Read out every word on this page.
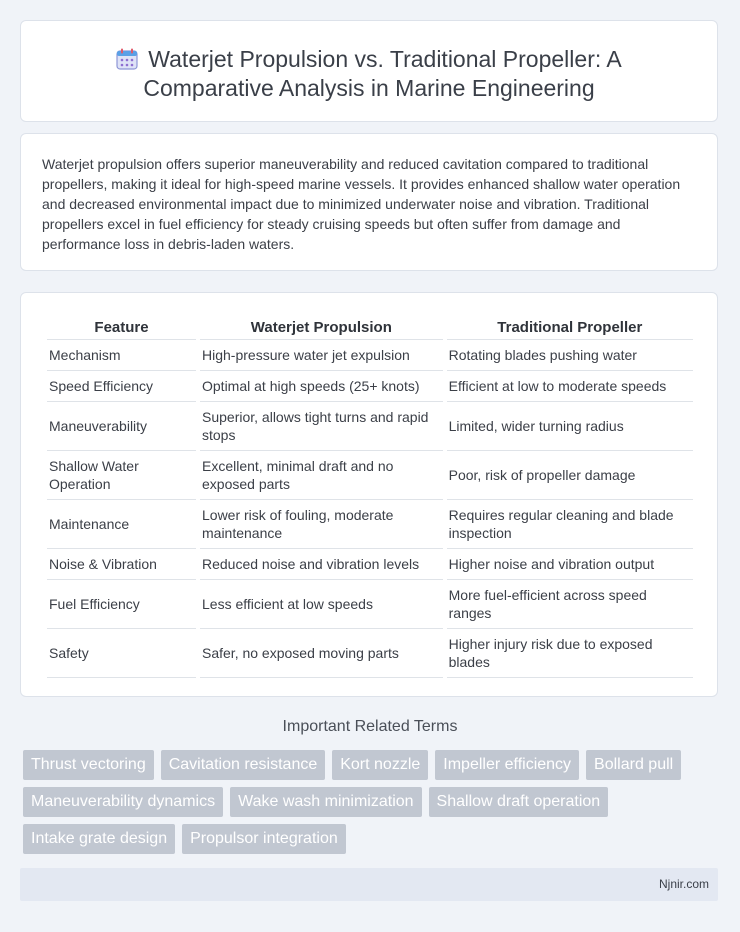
Waterjet Propulsion vs. Traditional Propeller: A
Comparative Analysis in Marine Engineering

Waterjet propulsion offers superior maneuverability and reduced cavitation compared to traditional propellers, making it ideal for high-speed marine vessels. It provides enhanced shallow water operation and decreased environmental impact due to minimized underwater noise and vibration. Traditional propellers excel in fuel efficiency for steady cruising speeds but often suffer from damage and performance loss in debris-laden waters.

Feature	Waterjet Propulsion	Traditional Propeller
Mechanism	High-pressure water jet expulsion	Rotating blades pushing water
Speed Efficiency	Optimal at high speeds (25+ knots)	Efficient at low to moderate speeds
Maneuverability	Superior, allows tight turns and rapid stops	Limited, wider turning radius
Shallow Water Operation	Excellent, minimal draft and no exposed parts	Poor, risk of propeller damage
Maintenance	Lower risk of fouling, moderate maintenance	Requires regular cleaning and blade inspection
Noise & Vibration	Reduced noise and vibration levels	Higher noise and vibration output
Fuel Efficiency	Less efficient at low speeds	More fuel-efficient across speed ranges
Safety	Safer, no exposed moving parts	Higher injury risk due to exposed blades
Important Related Terms
Thrust vectoring	Cavitation resistance	Kort nozzle	Impeller efficiency	Bollard pull
Maneuverability dynamics	Wake wash minimization	Shallow draft operation
Intake grate design	Propulsor integration
Njnir.com
